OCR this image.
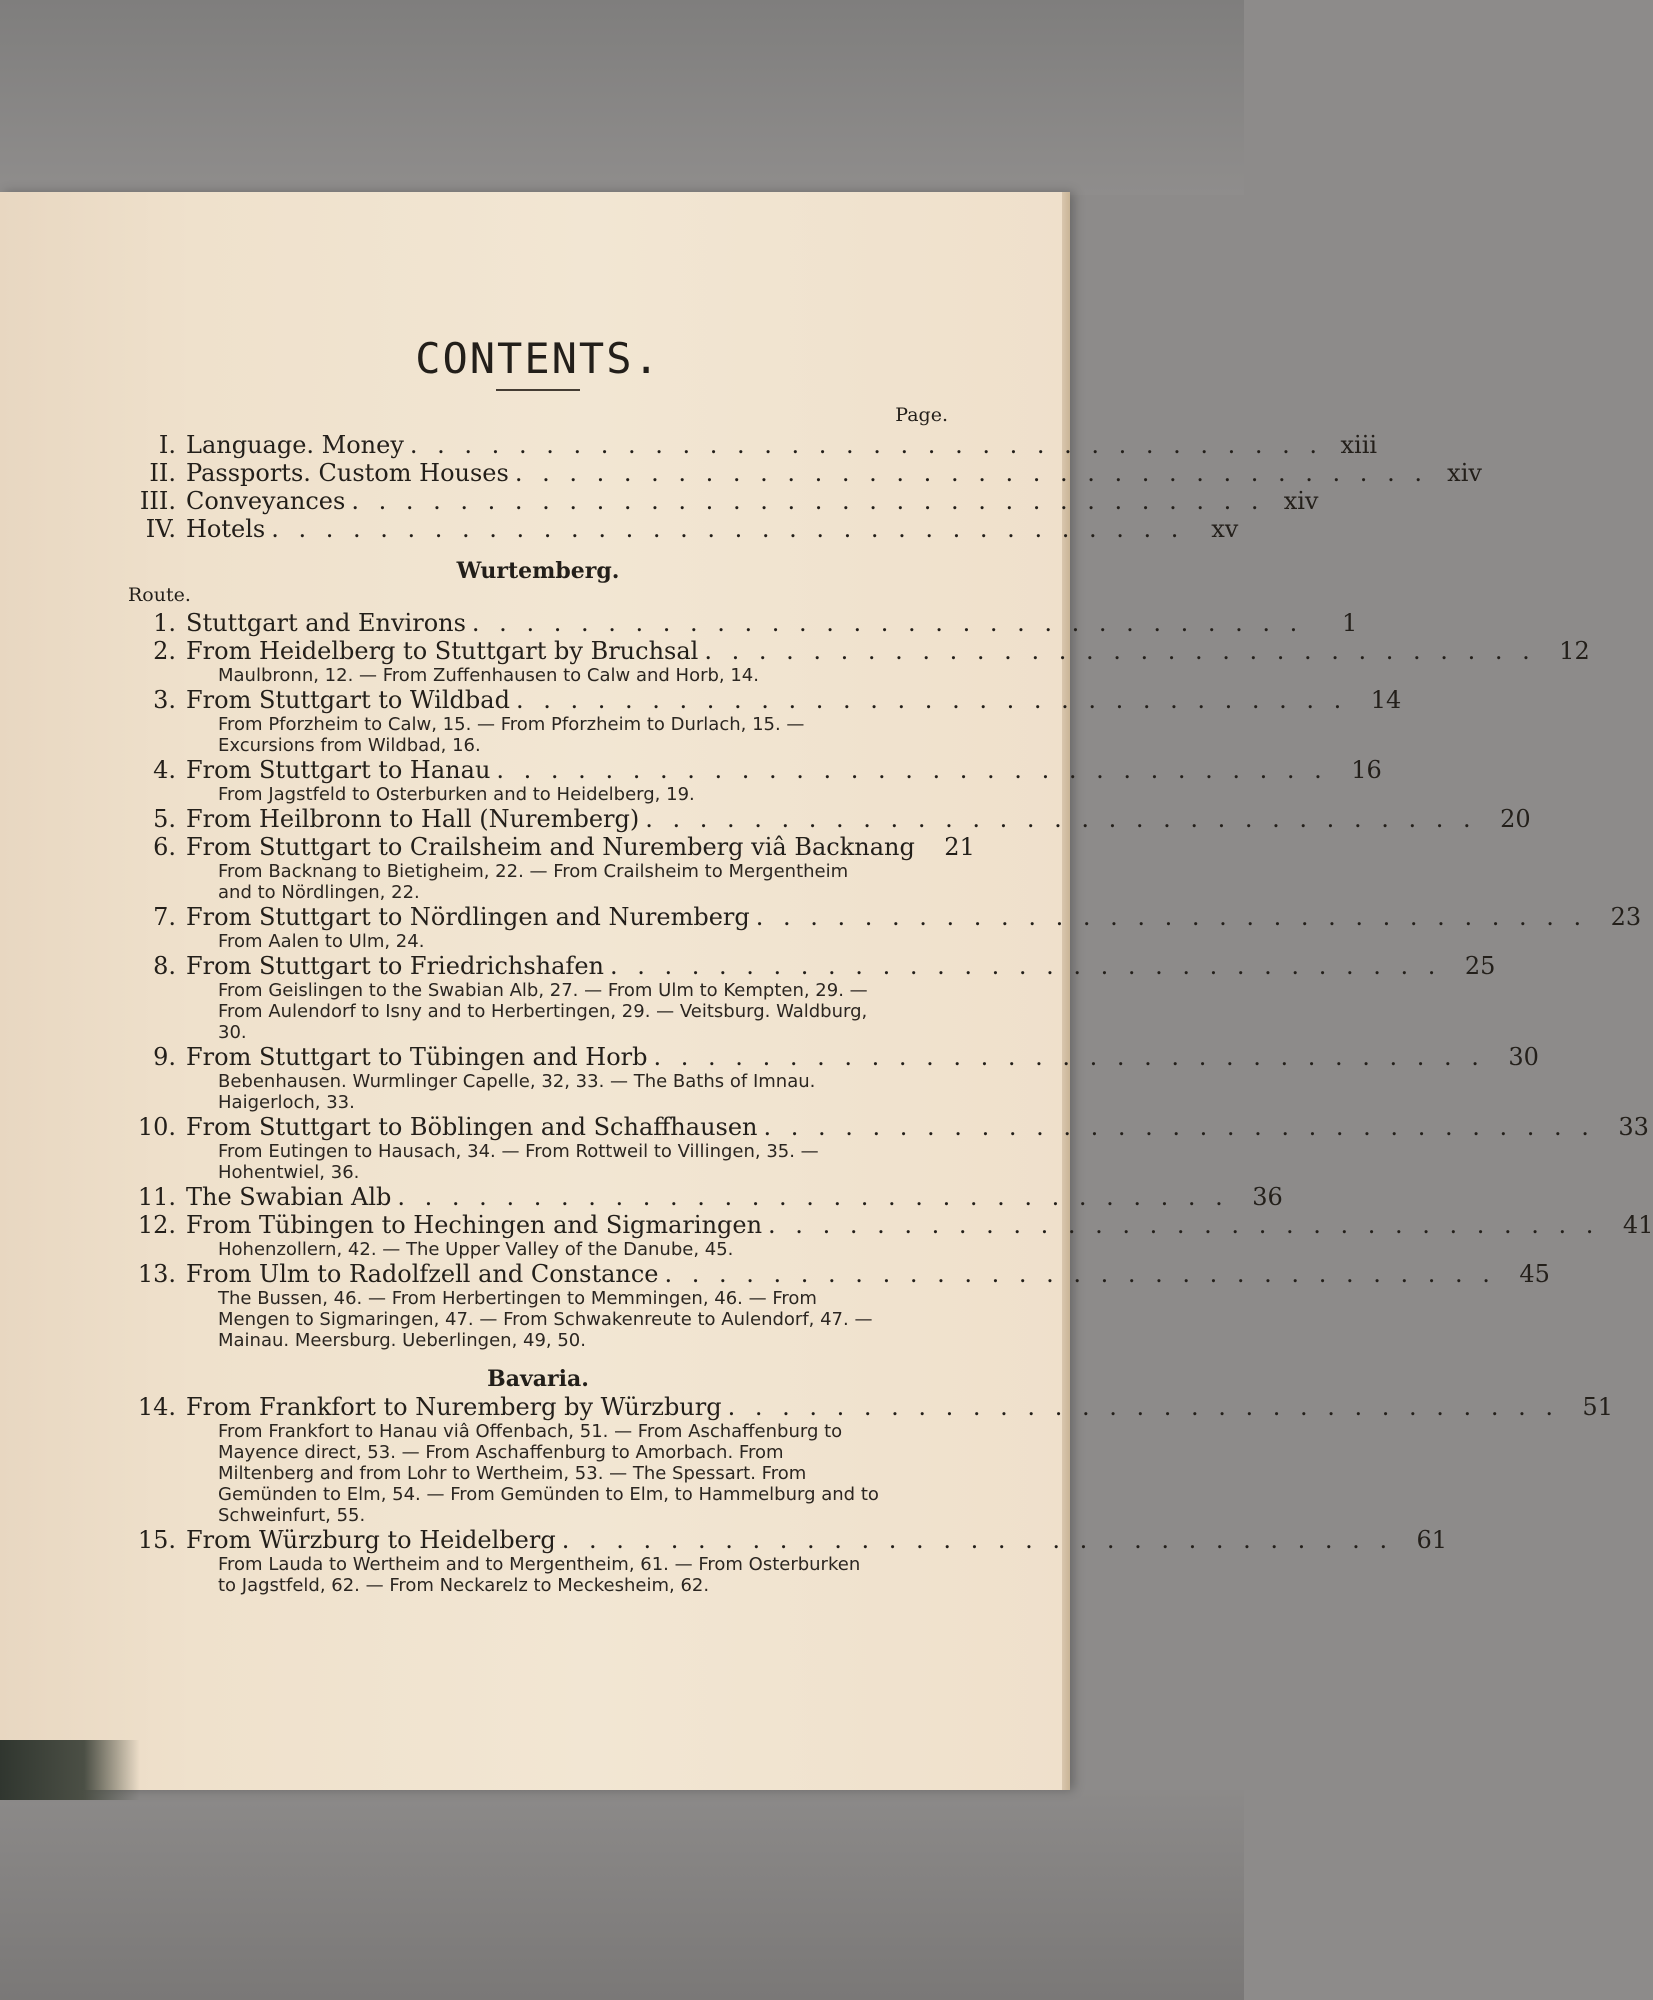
CONTENTS.
Page.
I. Language. Money . . . . . . . . . . . . . . . . . . . . . . . . . . . . . . . . . . xiii
II. Passports. Custom Houses . . . . . . . . . . . . . . . . . . . . . . . . . . . . . . . . . . xiv
III. Conveyances . . . . . . . . . . . . . . . . . . . . . . . . . . . . . . . . . . xiv
IV. Hotels . . . . . . . . . . . . . . . . . . . . . . . . . . . . . . . . . .	xv
Wurtemberg.
Route.
1. Stuttgart and Environs . . . . . . . . . . . . . . . . . . . . . . . . . . . . . . .	1
2. From Heidelberg to Stuttgart by Bruchsal . . . . . . . . . . . . . . . . . . . . . . . . . . . . . . . 12
Maulbronn, 12. — From Zuffenhausen to Calw and Horb, 14.
3. From Stuttgart to Wildbad . . . . . . . . . . . . . . . . . . . . . . . . . . . . . . . 14
From Pforzheim to Calw, 15. — From Pforzheim to Durlach, 15. — Excursions from Wildbad, 16.
4. From Stuttgart to Hanau . . . . . . . . . . . . . . . . . . . . . . . . . . . . . . . 16
From Jagstfeld to Osterburken and to Heidelberg, 19.
5. From Heilbronn to Hall (Nuremberg) . . . . . . . . . . . . . . . . . . . . . . . . . . . . . . . 20
6. From Stuttgart to Crailsheim and Nuremberg viâ Backnang	21
From Backnang to Bietigheim, 22. — From Crailsheim to Mergentheim and to Nördlingen, 22.
7. From Stuttgart to Nördlingen and Nuremberg . . . . . . . . . . . . . . . . . . . . . . . . . . . . . . . 23
From Aalen to Ulm, 24.
8. From Stuttgart to Friedrichshafen . . . . . . . . . . . . . . . . . . . . . . . . . . . . . . . 25
From Geislingen to the Swabian Alb, 27. — From Ulm to Kempten, 29. — From Aulendorf to Isny and to Herbertingen, 29. — Veitsburg. Waldburg, 30.
9. From Stuttgart to Tübingen and Horb . . . . . . . . . . . . . . . . . . . . . . . . . . . . . . . 30
Bebenhausen. Wurmlinger Capelle, 32, 33. — The Baths of Imnau. Haigerloch, 33.
10. From Stuttgart to Böblingen and Schaffhausen . . . . . . . . . . . . . . . . . . . . . . . . . . . . . . . 33
From Eutingen to Hausach, 34. — From Rottweil to Villingen, 35. — Hohentwiel, 36.
11. The Swabian Alb . . . . . . . . . . . . . . . . . . . . . . . . . . . . . . . 36
12. From Tübingen to Hechingen and Sigmaringen . . . . . . . . . . . . . . . . . . . . . . . . . . . . . . . 41
Hohenzollern, 42. — The Upper Valley of the Danube, 45.
13. From Ulm to Radolfzell and Constance . . . . . . . . . . . . . . . . . . . . . . . . . . . . . . . 45
The Bussen, 46. — From Herbertingen to Memmingen, 46. — From Mengen to Sigmaringen, 47. — From Schwakenreute to Aulendorf, 47. — Mainau. Meersburg. Ueberlingen, 49, 50.
Bavaria.
14. From Frankfort to Nuremberg by Würzburg . . . . . . . . . . . . . . . . . . . . . . . . . . . . . . . 51
From Frankfort to Hanau viâ Offenbach, 51. — From Aschaffenburg to Mayence direct, 53. — From Aschaffenburg to Amorbach. From Miltenberg and from Lohr to Wertheim, 53. — The Spessart. From Gemünden to Elm, 54. — From Gemünden to Elm, to Hammelburg and to Schweinfurt, 55.
15. From Würzburg to Heidelberg . . . . . . . . . . . . . . . . . . . . . . . . . . . . . . . 61
From Lauda to Wertheim and to Mergentheim, 61. — From Osterburken to Jagstfeld, 62. — From Neckarelz to Meckesheim, 62.
